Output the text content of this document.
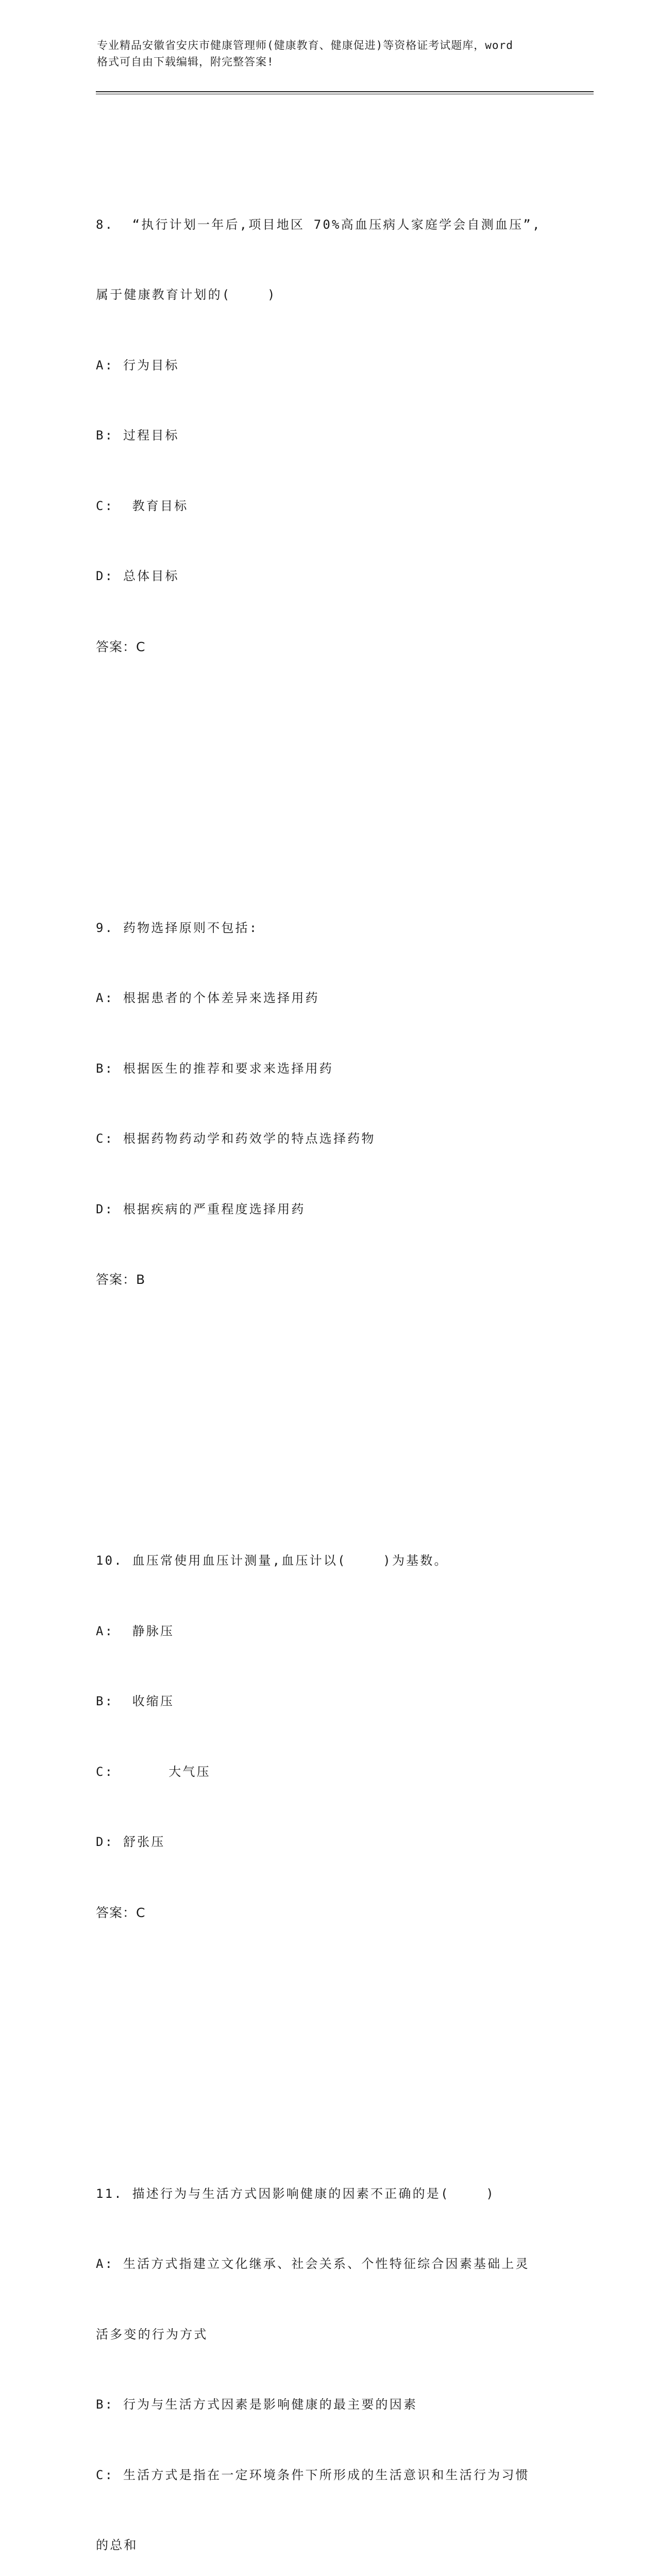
专业精品安徽省安庆市健康管理师(健康教育、健康促进)等资格证考试题库，word
格式可自由下载编辑，附完整答案!

8.  “执行计划一年后,项目地区 70%高血压病人家庭学会自测血压”,

属于健康教育计划的(    )

A: 行为目标

B: 过程目标

C:  教育目标

D: 总体目标

答案：C

9. 药物选择原则不包括:

A: 根据患者的个体差异来选择用药

B: 根据医生的推荐和要求来选择用药

C: 根据药物药动学和药效学的特点选择药物

D: 根据疾病的严重程度选择用药

答案：B

10. 血压常使用血压计测量,血压计以(    )为基数。

A:  静脉压

B:  收缩压

C:      大气压

D: 舒张压

答案：C

11. 描述行为与生活方式因影响健康的因素不正确的是(    )

A: 生活方式指建立文化继承、社会关系、个性特征综合因素基础上灵

活多变的行为方式

B: 行为与生活方式因素是影响健康的最主要的因素

C: 生活方式是指在一定环境条件下所形成的生活意识和生活行为习惯

的总和
